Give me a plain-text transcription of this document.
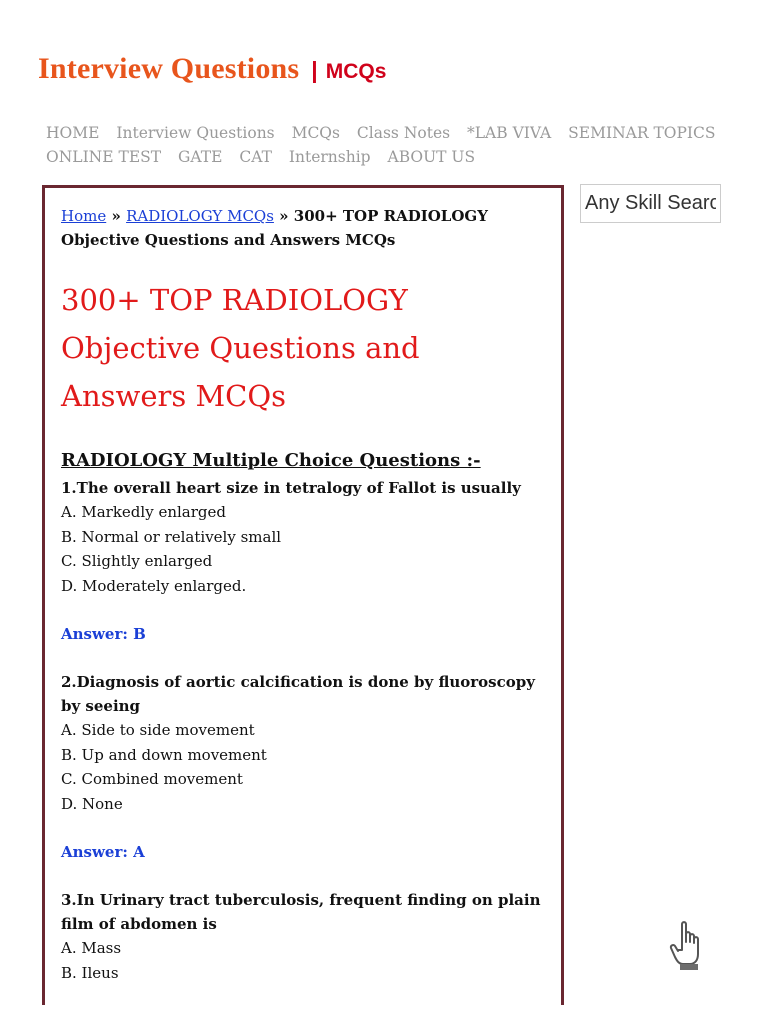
Interview Questions | MCQs
HOME Interview Questions MCQs Class Notes *LAB VIVA SEMINAR TOPICS
ONLINE TEST GATE CAT Internship ABOUT US
Any Skill Search
Home » RADIOLOGY MCQs » 300+ TOP RADIOLOGY Objective Questions and Answers MCQs
300+ TOP RADIOLOGY Objective Questions and Answers MCQs
RADIOLOGY Multiple Choice Questions :-
1.The overall heart size in tetralogy of Fallot is usually
A. Markedly enlarged
B. Normal or relatively small
C. Slightly enlarged
D. Moderately enlarged.
Answer: B
2.Diagnosis of aortic calcification is done by fluoroscopy by seeing
A. Side to side movement
B. Up and down movement
C. Combined movement
D. None
Answer: A
3.In Urinary tract tuberculosis, frequent finding on plain film of abdomen is
A. Mass
B. Ileus
